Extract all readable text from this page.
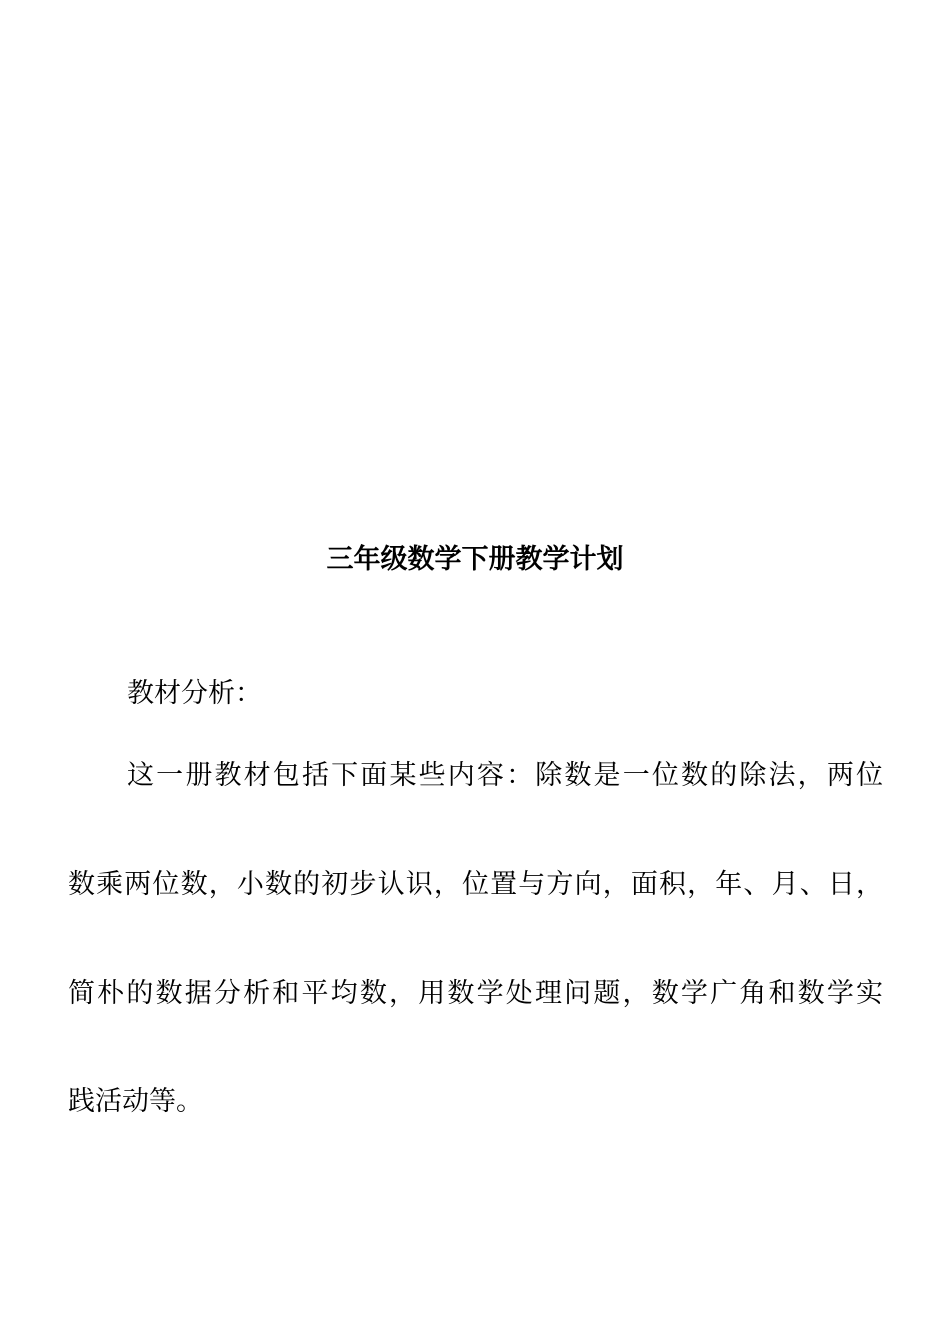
三年级数学下册教学计划
教材分析：
这一册教材包括下面某些内容：除数是一位数的除法，两位
数乘两位数，小数的初步认识，位置与方向，面积，年、月、日，
简朴的数据分析和平均数，用数学处理问题，数学广角和数学实
践活动等。
